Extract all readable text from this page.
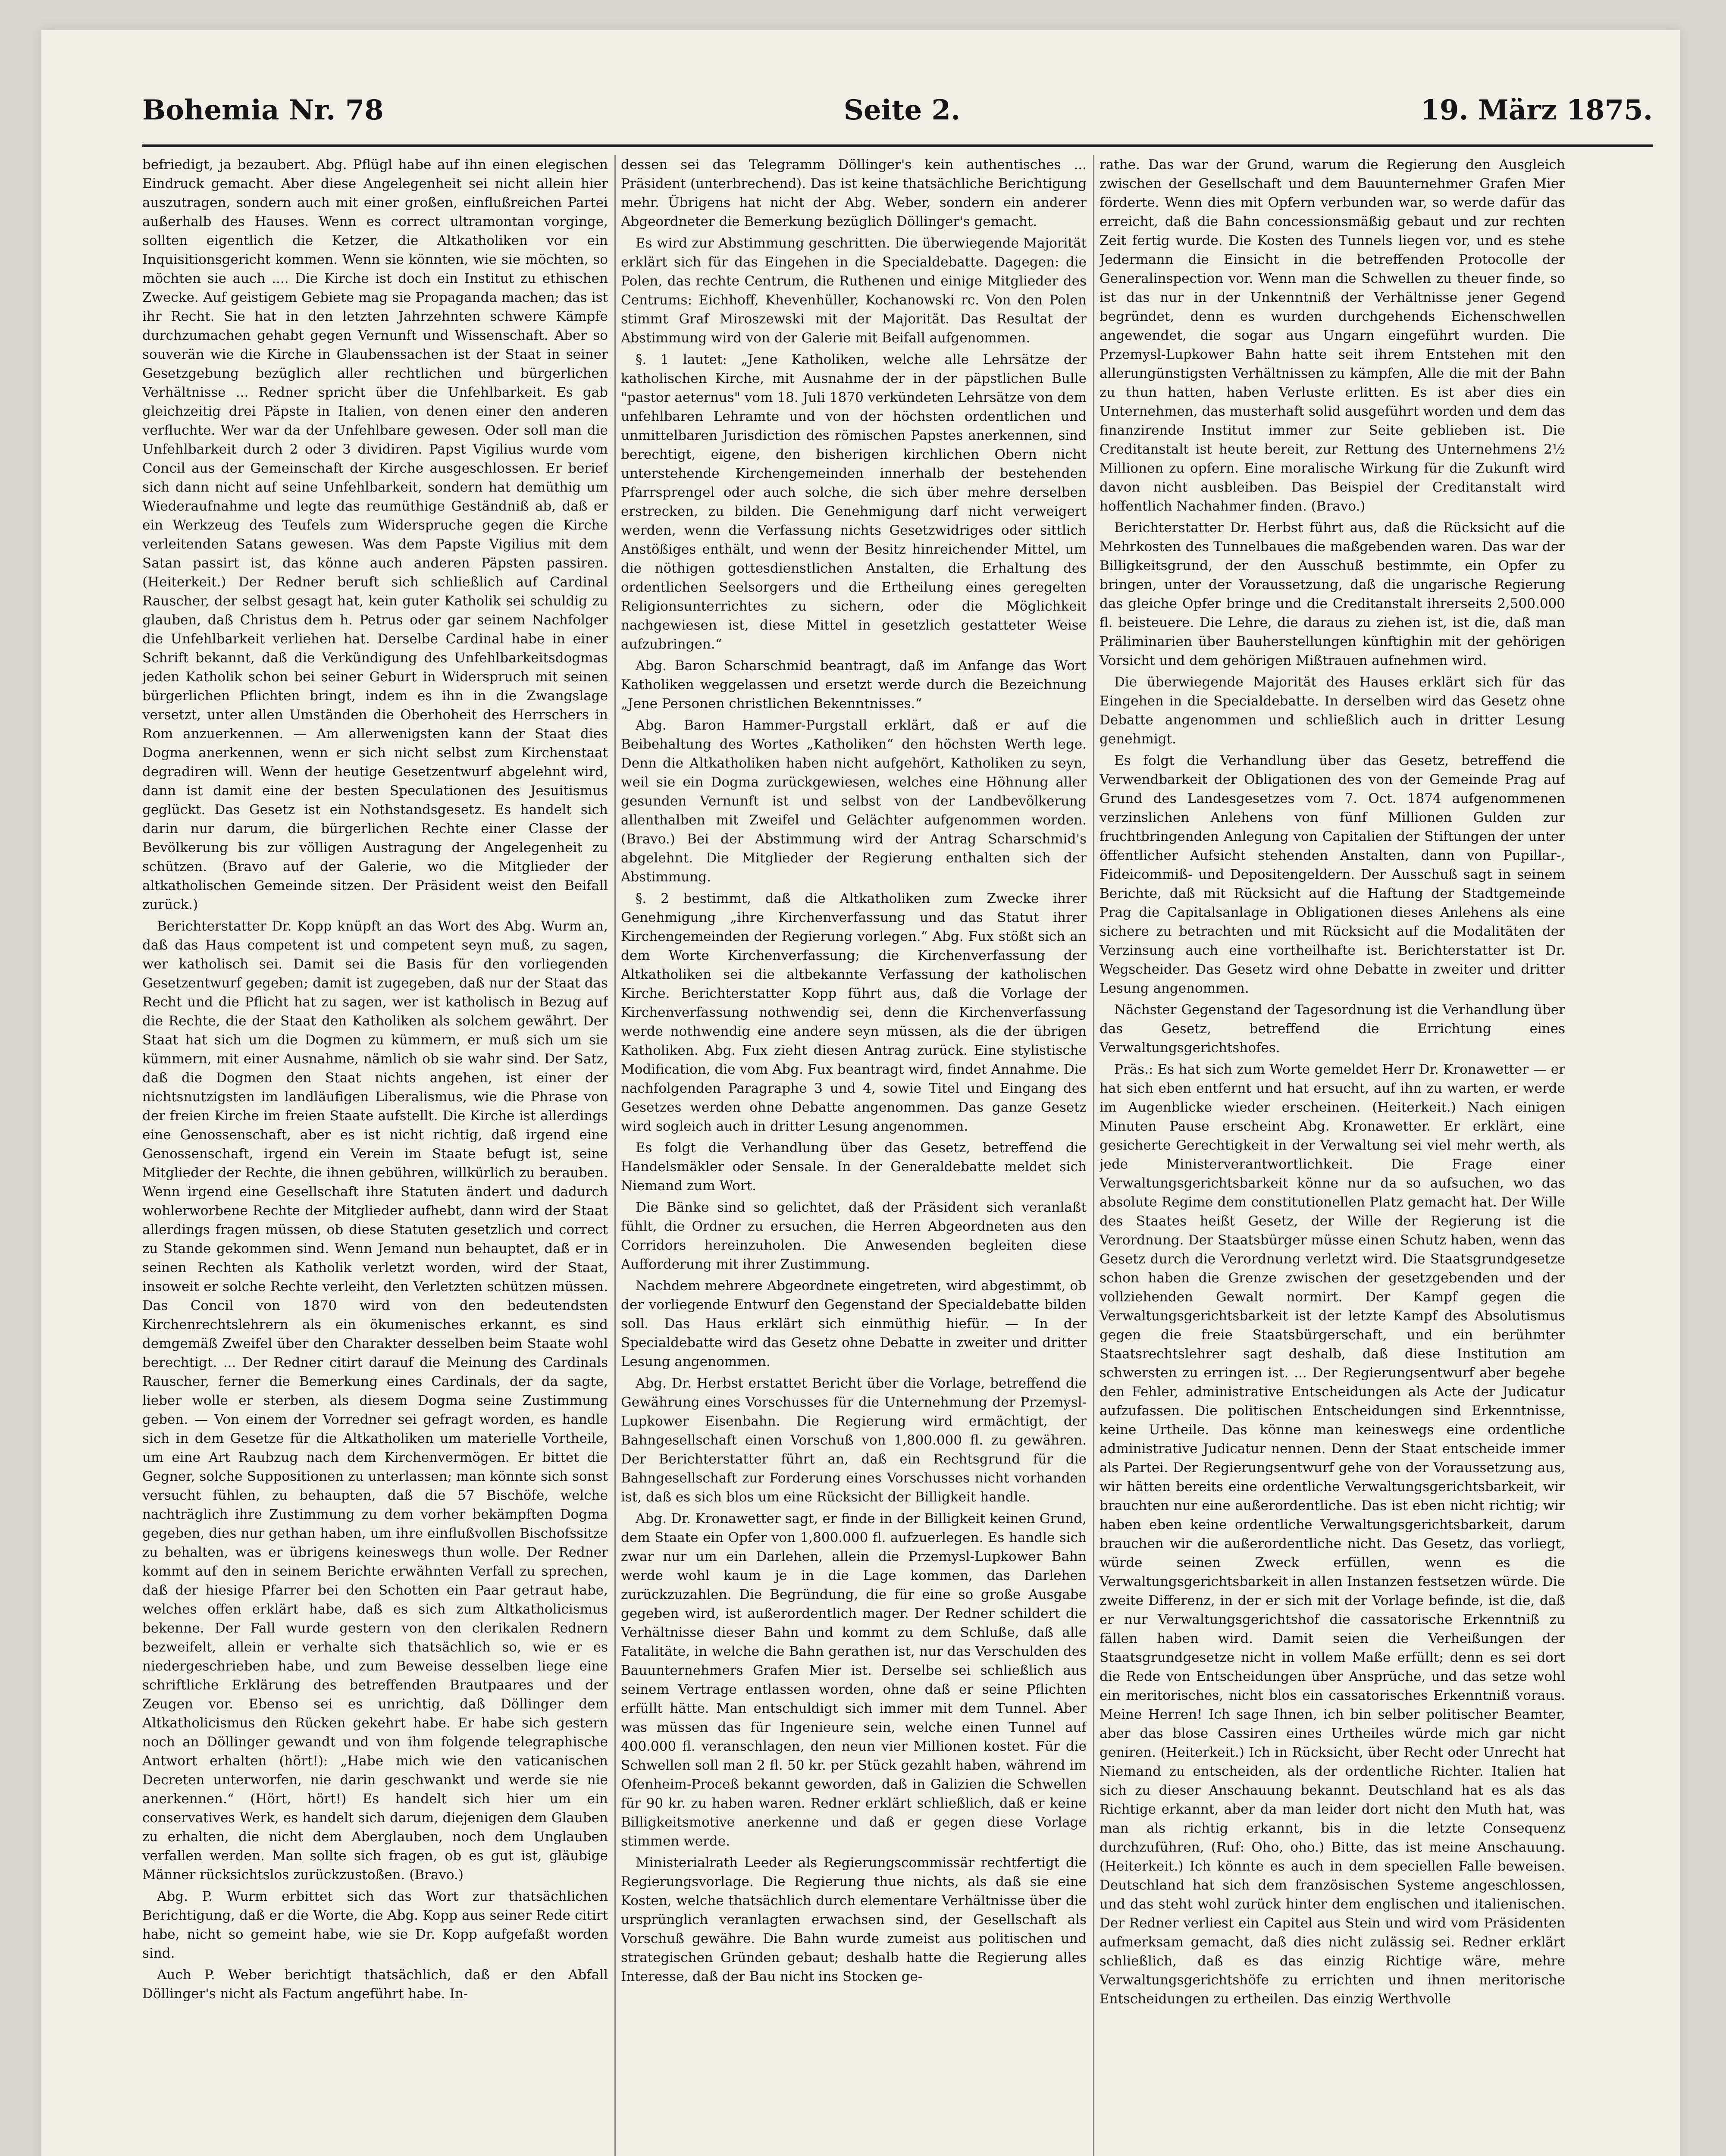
Bohemia Nr. 78	Seite 2.	19. März 1875.

befriedigt, ja bezaubert. Abg. Pflügl habe auf ihn einen elegischen Eindruck gemacht. Aber diese Angelegenheit sei nicht allein hier auszutragen, sondern auch mit einer großen, einflußreichen Partei außerhalb des Hauses. Wenn es correct ultramontan vorginge, sollten eigentlich die Ketzer, die Altkatholiken vor ein Inquisitionsgericht kommen. Wenn sie könnten, wie sie möchten, so möchten sie auch .... Die Kirche ist doch ein Institut zu ethischen Zwecke. Auf geistigem Gebiete mag sie Propaganda machen; das ist ihr Recht. Sie hat in den letzten Jahrzehnten schwere Kämpfe durchzumachen gehabt gegen Vernunft und Wissenschaft. Aber so souverän wie die Kirche in Glaubenssachen ist der Staat in seiner Gesetzgebung bezüglich aller rechtlichen und bürgerlichen Verhältnisse ... Redner spricht über die Unfehlbarkeit. Es gab gleichzeitig drei Päpste in Italien, von denen einer den anderen verfluchte. Wer war da der Unfehlbare gewesen. Oder soll man die Unfehlbarkeit durch 2 oder 3 dividiren. Papst Vigilius wurde vom Concil aus der Gemeinschaft der Kirche ausgeschlossen. Er berief sich dann nicht auf seine Unfehlbarkeit, sondern hat demüthig um Wiederaufnahme und legte das reumüthige Geständniß ab, daß er ein Werkzeug des Teufels zum Widerspruche gegen die Kirche verleitenden Satans gewesen. Was dem Papste Vigilius mit dem Satan passirt ist, das könne auch anderen Päpsten passiren. (Heiterkeit.) Der Redner beruft sich schließlich auf Cardinal Rauscher, der selbst gesagt hat, kein guter Katholik sei schuldig zu glauben, daß Christus dem h. Petrus oder gar seinem Nachfolger die Unfehlbarkeit verliehen hat. Derselbe Cardinal habe in einer Schrift bekannt, daß die Verkündigung des Unfehlbarkeitsdogmas jeden Katholik schon bei seiner Geburt in Widerspruch mit seinen bürgerlichen Pflichten bringt, indem es ihn in die Zwangslage versetzt, unter allen Umständen die Oberhoheit des Herrschers in Rom anzuerkennen. — Am allerwenigsten kann der Staat dies Dogma anerkennen, wenn er sich nicht selbst zum Kirchenstaat degradiren will. Wenn der heutige Gesetzentwurf abgelehnt wird, dann ist damit eine der besten Speculationen des Jesuitismus geglückt. Das Gesetz ist ein Nothstandsgesetz. Es handelt sich darin nur darum, die bürgerlichen Rechte einer Classe der Bevölkerung bis zur völligen Austragung der Angelegenheit zu schützen. (Bravo auf der Galerie, wo die Mitglieder der altkatholischen Gemeinde sitzen. Der Präsident weist den Beifall zurück.)

Berichterstatter Dr. Kopp knüpft an das Wort des Abg. Wurm an, daß das Haus competent ist und competent seyn muß, zu sagen, wer katholisch sei. Damit sei die Basis für den vorliegenden Gesetzentwurf gegeben; damit ist zugegeben, daß nur der Staat das Recht und die Pflicht hat zu sagen, wer ist katholisch in Bezug auf die Rechte, die der Staat den Katholiken als solchem gewährt. Der Staat hat sich um die Dogmen zu kümmern, er muß sich um sie kümmern, mit einer Ausnahme, nämlich ob sie wahr sind. Der Satz, daß die Dogmen den Staat nichts angehen, ist einer der nichtsnutzigsten im landläufigen Liberalismus, wie die Phrase von der freien Kirche im freien Staate aufstellt. Die Kirche ist allerdings eine Genossenschaft, aber es ist nicht richtig, daß irgend eine Genossenschaft, irgend ein Verein im Staate befugt ist, seine Mitglieder der Rechte, die ihnen gebühren, willkürlich zu berauben. Wenn irgend eine Gesellschaft ihre Statuten ändert und dadurch wohlerworbene Rechte der Mitglieder aufhebt, dann wird der Staat allerdings fragen müssen, ob diese Statuten gesetzlich und correct zu Stande gekommen sind. Wenn Jemand nun behauptet, daß er in seinen Rechten als Katholik verletzt worden, wird der Staat, insoweit er solche Rechte verleiht, den Verletzten schützen müssen. Das Concil von 1870 wird von den bedeutendsten Kirchenrechtslehrern als ein ökumenisches erkannt, es sind demgemäß Zweifel über den Charakter desselben beim Staate wohl berechtigt. ... Der Redner citirt darauf die Meinung des Cardinals Rauscher, ferner die Bemerkung eines Cardinals, der da sagte, lieber wolle er sterben, als diesem Dogma seine Zustimmung geben. — Von einem der Vorredner sei gefragt worden, es handle sich in dem Gesetze für die Altkatholiken um materielle Vortheile, um eine Art Raubzug nach dem Kirchenvermögen. Er bittet die Gegner, solche Suppositionen zu unterlassen; man könnte sich sonst versucht fühlen, zu behaupten, daß die 57 Bischöfe, welche nachträglich ihre Zustimmung zu dem vorher bekämpften Dogma gegeben, dies nur gethan haben, um ihre einflußvollen Bischofssitze zu behalten, was er übrigens keineswegs thun wolle. Der Redner kommt auf den in seinem Berichte erwähnten Verfall zu sprechen, daß der hiesige Pfarrer bei den Schotten ein Paar getraut habe, welches offen erklärt habe, daß es sich zum Altkatholicismus bekenne. Der Fall wurde gestern von den clerikalen Rednern bezweifelt, allein er verhalte sich thatsächlich so, wie er es niedergeschrieben habe, und zum Beweise desselben liege eine schriftliche Erklärung des betreffenden Brautpaares und der Zeugen vor. Ebenso sei es unrichtig, daß Döllinger dem Altkatholicismus den Rücken gekehrt habe. Er habe sich gestern noch an Döllinger gewandt und von ihm folgende telegraphische Antwort erhalten (hört!): „Habe mich wie den vaticanischen Decreten unterworfen, nie darin geschwankt und werde sie nie anerkennen.“ (Hört, hört!) Es handelt sich hier um ein conservatives Werk, es handelt sich darum, diejenigen dem Glauben zu erhalten, die nicht dem Aberglauben, noch dem Unglauben verfallen werden. Man sollte sich fragen, ob es gut ist, gläubige Männer rücksichtslos zurückzustoßen. (Bravo.)

Abg. P. Wurm erbittet sich das Wort zur thatsächlichen Berichtigung, daß er die Worte, die Abg. Kopp aus seiner Rede citirt habe, nicht so gemeint habe, wie sie Dr. Kopp aufgefaßt worden sind.

Auch P. Weber berichtigt thatsächlich, daß er den Abfall Döllinger's nicht als Factum angeführt habe. In-

dessen sei das Telegramm Döllinger's kein authentisches ... Präsident (unterbrechend). Das ist keine thatsächliche Berichtigung mehr. Übrigens hat nicht der Abg. Weber, sondern ein anderer Abgeordneter die Bemerkung bezüglich Döllinger's gemacht.

Es wird zur Abstimmung geschritten. Die überwiegende Majorität erklärt sich für das Eingehen in die Specialdebatte. Dagegen: die Polen, das rechte Centrum, die Ruthenen und einige Mitglieder des Centrums: Eichhoff, Khevenhüller, Kochanowski rc. Von den Polen stimmt Graf Miroszewski mit der Majorität. Das Resultat der Abstimmung wird von der Galerie mit Beifall aufgenommen.

§. 1 lautet: „Jene Katholiken, welche alle Lehrsätze der katholischen Kirche, mit Ausnahme der in der päpstlichen Bulle "pastor aeternus" vom 18. Juli 1870 verkündeten Lehrsätze von dem unfehlbaren Lehramte und von der höchsten ordentlichen und unmittelbaren Jurisdiction des römischen Papstes anerkennen, sind berechtigt, eigene, den bisherigen kirchlichen Obern nicht unterstehende Kirchengemeinden innerhalb der bestehenden Pfarrsprengel oder auch solche, die sich über mehre derselben erstrecken, zu bilden. Die Genehmigung darf nicht verweigert werden, wenn die Verfassung nichts Gesetzwidriges oder sittlich Anstößiges enthält, und wenn der Besitz hinreichender Mittel, um die nöthigen gottesdienstlichen Anstalten, die Erhaltung des ordentlichen Seelsorgers und die Ertheilung eines geregelten Religionsunterrichtes zu sichern, oder die Möglichkeit nachgewiesen ist, diese Mittel in gesetzlich gestatteter Weise aufzubringen.“

Abg. Baron Scharschmid beantragt, daß im Anfange das Wort Katholiken weggelassen und ersetzt werde durch die Bezeichnung „Jene Personen christlichen Bekenntnisses.“

Abg. Baron Hammer-Purgstall erklärt, daß er auf die Beibehaltung des Wortes „Katholiken“ den höchsten Werth lege. Denn die Altkatholiken haben nicht aufgehört, Katholiken zu seyn, weil sie ein Dogma zurückgewiesen, welches eine Höhnung aller gesunden Vernunft ist und selbst von der Landbevölkerung allenthalben mit Zweifel und Gelächter aufgenommen worden. (Bravo.) Bei der Abstimmung wird der Antrag Scharschmid's abgelehnt. Die Mitglieder der Regierung enthalten sich der Abstimmung.

§. 2 bestimmt, daß die Altkatholiken zum Zwecke ihrer Genehmigung „ihre Kirchenverfassung und das Statut ihrer Kirchengemeinden der Regierung vorlegen.“ Abg. Fux stößt sich an dem Worte Kirchenverfassung; die Kirchenverfassung der Altkatholiken sei die altbekannte Verfassung der katholischen Kirche. Berichterstatter Kopp führt aus, daß die Vorlage der Kirchenverfassung nothwendig sei, denn die Kirchenverfassung werde nothwendig eine andere seyn müssen, als die der übrigen Katholiken. Abg. Fux zieht diesen Antrag zurück. Eine stylistische Modification, die vom Abg. Fux beantragt wird, findet Annahme. Die nachfolgenden Paragraphe 3 und 4, sowie Titel und Eingang des Gesetzes werden ohne Debatte angenommen. Das ganze Gesetz wird sogleich auch in dritter Lesung angenommen.

Es folgt die Verhandlung über das Gesetz, betreffend die Handelsmäkler oder Sensale. In der Generaldebatte meldet sich Niemand zum Wort.

Die Bänke sind so gelichtet, daß der Präsident sich veranlaßt fühlt, die Ordner zu ersuchen, die Herren Abgeordneten aus den Corridors hereinzuholen. Die Anwesenden begleiten diese Aufforderung mit ihrer Zustimmung.

Nachdem mehrere Abgeordnete eingetreten, wird abgestimmt, ob der vorliegende Entwurf den Gegenstand der Specialdebatte bilden soll. Das Haus erklärt sich einmüthig hiefür. — In der Specialdebatte wird das Gesetz ohne Debatte in zweiter und dritter Lesung angenommen.

Abg. Dr. Herbst erstattet Bericht über die Vorlage, betreffend die Gewährung eines Vorschusses für die Unternehmung der Przemysl-Lupkower Eisenbahn. Die Regierung wird ermächtigt, der Bahngesellschaft einen Vorschuß von 1,800.000 fl. zu gewähren. Der Berichterstatter führt an, daß ein Rechtsgrund für die Bahngesellschaft zur Forderung eines Vorschusses nicht vorhanden ist, daß es sich blos um eine Rücksicht der Billigkeit handle.

Abg. Dr. Kronawetter sagt, er finde in der Billigkeit keinen Grund, dem Staate ein Opfer von 1,800.000 fl. aufzuerlegen. Es handle sich zwar nur um ein Darlehen, allein die Przemysl-Lupkower Bahn werde wohl kaum je in die Lage kommen, das Darlehen zurückzuzahlen. Die Begründung, die für eine so große Ausgabe gegeben wird, ist außerordentlich mager. Der Redner schildert die Verhältnisse dieser Bahn und kommt zu dem Schluße, daß alle Fatalitäte, in welche die Bahn gerathen ist, nur das Verschulden des Bauunternehmers Grafen Mier ist. Derselbe sei schließlich aus seinem Vertrage entlassen worden, ohne daß er seine Pflichten erfüllt hätte. Man entschuldigt sich immer mit dem Tunnel. Aber was müssen das für Ingenieure sein, welche einen Tunnel auf 400.000 fl. veranschlagen, den neun vier Millionen kostet. Für die Schwellen soll man 2 fl. 50 kr. per Stück gezahlt haben, während im Ofenheim-Proceß bekannt geworden, daß in Galizien die Schwellen für 90 kr. zu haben waren. Redner erklärt schließlich, daß er keine Billigkeitsmotive anerkenne und daß er gegen diese Vorlage stimmen werde.

Ministerialrath Leeder als Regierungscommissär rechtfertigt die Regierungsvorlage. Die Regierung thue nichts, als daß sie eine Kosten, welche thatsächlich durch elementare Verhältnisse über die ursprünglich veranlagten erwachsen sind, der Gesellschaft als Vorschuß gewähre. Die Bahn wurde zumeist aus politischen und strategischen Gründen gebaut; deshalb hatte die Regierung alles Interesse, daß der Bau nicht ins Stocken ge-

rathe. Das war der Grund, warum die Regierung den Ausgleich zwischen der Gesellschaft und dem Bauunternehmer Grafen Mier förderte. Wenn dies mit Opfern verbunden war, so werde dafür das erreicht, daß die Bahn concessionsmäßig gebaut und zur rechten Zeit fertig wurde. Die Kosten des Tunnels liegen vor, und es stehe Jedermann die Einsicht in die betreffenden Protocolle der Generalinspection vor. Wenn man die Schwellen zu theuer finde, so ist das nur in der Unkenntniß der Verhältnisse jener Gegend begründet, denn es wurden durchgehends Eichenschwellen angewendet, die sogar aus Ungarn eingeführt wurden. Die Przemysl-Lupkower Bahn hatte seit ihrem Entstehen mit den allerungünstigsten Verhältnissen zu kämpfen, Alle die mit der Bahn zu thun hatten, haben Verluste erlitten. Es ist aber dies ein Unternehmen, das musterhaft solid ausgeführt worden und dem das finanzirende Institut immer zur Seite geblieben ist. Die Creditanstalt ist heute bereit, zur Rettung des Unternehmens 2½ Millionen zu opfern. Eine moralische Wirkung für die Zukunft wird davon nicht ausbleiben. Das Beispiel der Creditanstalt wird hoffentlich Nachahmer finden. (Bravo.)

Berichterstatter Dr. Herbst führt aus, daß die Rücksicht auf die Mehrkosten des Tunnelbaues die maßgebenden waren. Das war der Billigkeitsgrund, der den Ausschuß bestimmte, ein Opfer zu bringen, unter der Voraussetzung, daß die ungarische Regierung das gleiche Opfer bringe und die Creditanstalt ihrerseits 2,500.000 fl. beisteuere. Die Lehre, die daraus zu ziehen ist, ist die, daß man Präliminarien über Bauherstellungen künftighin mit der gehörigen Vorsicht und dem gehörigen Mißtrauen aufnehmen wird.

Die überwiegende Majorität des Hauses erklärt sich für das Eingehen in die Specialdebatte. In derselben wird das Gesetz ohne Debatte angenommen und schließlich auch in dritter Lesung genehmigt.

Es folgt die Verhandlung über das Gesetz, betreffend die Verwendbarkeit der Obligationen des von der Gemeinde Prag auf Grund des Landesgesetzes vom 7. Oct. 1874 aufgenommenen verzinslichen Anlehens von fünf Millionen Gulden zur fruchtbringenden Anlegung von Capitalien der Stiftungen der unter öffentlicher Aufsicht stehenden Anstalten, dann von Pupillar-, Fideicommiß- und Depositengeldern. Der Ausschuß sagt in seinem Berichte, daß mit Rücksicht auf die Haftung der Stadtgemeinde Prag die Capitalsanlage in Obligationen dieses Anlehens als eine sichere zu betrachten und mit Rücksicht auf die Modalitäten der Verzinsung auch eine vortheilhafte ist. Berichterstatter ist Dr. Wegscheider. Das Gesetz wird ohne Debatte in zweiter und dritter Lesung angenommen.

Nächster Gegenstand der Tagesordnung ist die Verhandlung über das Gesetz, betreffend die Errichtung eines Verwaltungsgerichtshofes.

Präs.: Es hat sich zum Worte gemeldet Herr Dr. Kronawetter — er hat sich eben entfernt und hat ersucht, auf ihn zu warten, er werde im Augenblicke wieder erscheinen. (Heiterkeit.) Nach einigen Minuten Pause erscheint Abg. Kronawetter. Er erklärt, eine gesicherte Gerechtigkeit in der Verwaltung sei viel mehr werth, als jede Ministerverantwortlichkeit. Die Frage einer Verwaltungsgerichtsbarkeit könne nur da so aufsuchen, wo das absolute Regime dem constitutionellen Platz gemacht hat. Der Wille des Staates heißt Gesetz, der Wille der Regierung ist die Verordnung. Der Staatsbürger müsse einen Schutz haben, wenn das Gesetz durch die Verordnung verletzt wird. Die Staatsgrundgesetze schon haben die Grenze zwischen der gesetzgebenden und der vollziehenden Gewalt normirt. Der Kampf gegen die Verwaltungsgerichtsbarkeit ist der letzte Kampf des Absolutismus gegen die freie Staatsbürgerschaft, und ein berühmter Staatsrechtslehrer sagt deshalb, daß diese Institution am schwersten zu erringen ist. ... Der Regierungsentwurf aber begehe den Fehler, administrative Entscheidungen als Acte der Judicatur aufzufassen. Die politischen Entscheidungen sind Erkenntnisse, keine Urtheile. Das könne man keineswegs eine ordentliche administrative Judicatur nennen. Denn der Staat entscheide immer als Partei. Der Regierungsentwurf gehe von der Voraussetzung aus, wir hätten bereits eine ordentliche Verwaltungsgerichtsbarkeit, wir brauchten nur eine außerordentliche. Das ist eben nicht richtig; wir haben eben keine ordentliche Verwaltungsgerichtsbarkeit, darum brauchen wir die außerordentliche nicht. Das Gesetz, das vorliegt, würde seinen Zweck erfüllen, wenn es die Verwaltungsgerichtsbarkeit in allen Instanzen festsetzen würde. Die zweite Differenz, in der er sich mit der Vorlage befinde, ist die, daß er nur Verwaltungsgerichtshof die cassatorische Erkenntniß zu fällen haben wird. Damit seien die Verheißungen der Staatsgrundgesetze nicht in vollem Maße erfüllt; denn es sei dort die Rede von Entscheidungen über Ansprüche, und das setze wohl ein meritorisches, nicht blos ein cassatorisches Erkenntniß voraus. Meine Herren! Ich sage Ihnen, ich bin selber politischer Beamter, aber das blose Cassiren eines Urtheiles würde mich gar nicht geniren. (Heiterkeit.) Ich in Rücksicht, über Recht oder Unrecht hat Niemand zu entscheiden, als der ordentliche Richter. Italien hat sich zu dieser Anschauung bekannt. Deutschland hat es als das Richtige erkannt, aber da man leider dort nicht den Muth hat, was man als richtig erkannt, bis in die letzte Consequenz durchzuführen, (Ruf: Oho, oho.) Bitte, das ist meine Anschauung. (Heiterkeit.) Ich könnte es auch in dem speciellen Falle beweisen. Deutschland hat sich dem französischen Systeme angeschlossen, und das steht wohl zurück hinter dem englischen und italienischen. Der Redner verliest ein Capitel aus Stein und wird vom Präsidenten aufmerksam gemacht, daß dies nicht zulässig sei. Redner erklärt schließlich, daß es das einzig Richtige wäre, mehre Verwaltungsgerichtshöfe zu errichten und ihnen meritorische Entscheidungen zu ertheilen. Das einzig Werthvolle
